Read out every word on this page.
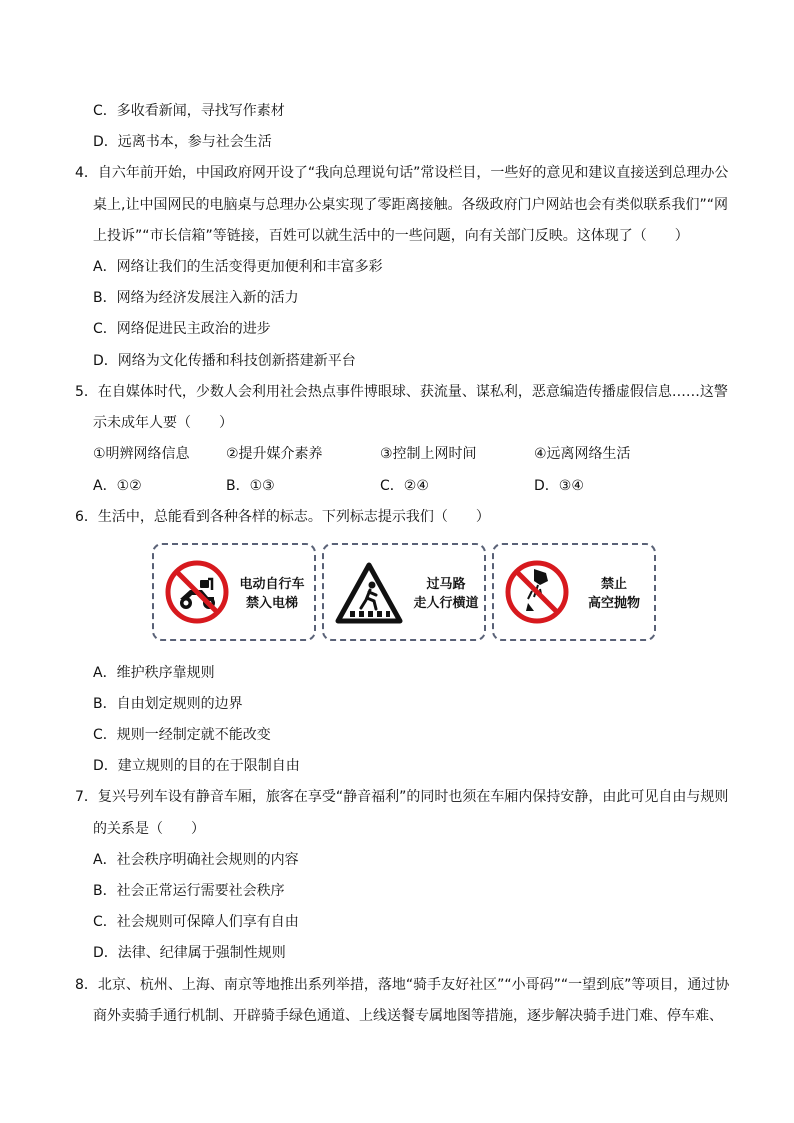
C．多收看新闻，寻找写作素材
D．远离书本，参与社会生活
4．自六年前开始，中国政府网开设了“我向总理说句话”常设栏目，一些好的意见和建议直接送到总理办公
桌上,让中国网民的电脑桌与总理办公桌实现了零距离接触。各级政府门户网站也会有类似联系我们”“网
上投诉”“市长信箱”等链接，百姓可以就生活中的一些问题，向有关部门反映。这体现了（　　）
A．网络让我们的生活变得更加便利和丰富多彩
B．网络为经济发展注入新的活力
C．网络促进民主政治的进步
D．网络为文化传播和科技创新搭建新平台
5．在自媒体时代，少数人会利用社会热点事件博眼球、获流量、谋私利，恶意编造传播虚假信息……这警
示未成年人要（　　）
①明辨网络信息	②提升媒介素养	③控制上网时间	④远离网络生活
A．①②	B．①③	C．②④	D．③④
6．生活中，总能看到各种各样的标志。下列标志提示我们（　　）
电动自行车
禁入电梯
过马路
走人行横道
禁止
高空抛物
A．维护秩序靠规则
B．自由划定规则的边界
C．规则一经制定就不能改变
D．建立规则的目的在于限制自由
7．复兴号列车设有静音车厢，旅客在享受“静音福利”的同时也须在车厢内保持安静，由此可见自由与规则
的关系是（　　）
A．社会秩序明确社会规则的内容
B．社会正常运行需要社会秩序
C．社会规则可保障人们享有自由
D．法律、纪律属于强制性规则
8．北京、杭州、上海、南京等地推出系列举措，落地“骑手友好社区”“小哥码”“一望到底”等项目，通过协
商外卖骑手通行机制、开辟骑手绿色通道、上线送餐专属地图等措施，逐步解决骑手进门难、停车难、
